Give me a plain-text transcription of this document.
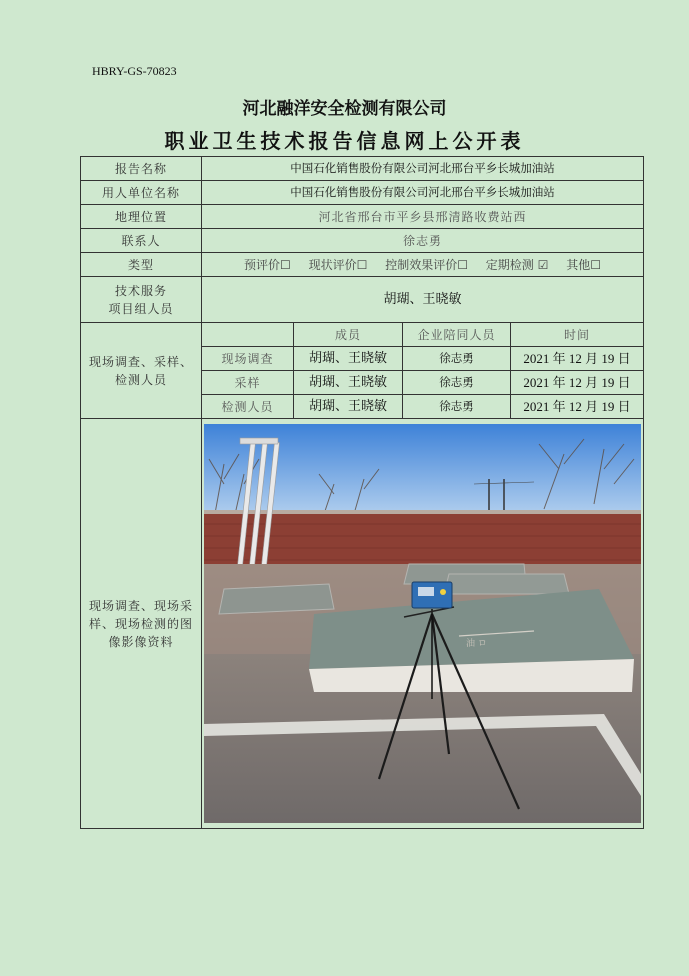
HBRY-GS-70823
河北融洋安全检测有限公司
职业卫生技术报告信息网上公开表
报告名称	中国石化销售股份有限公司河北邢台平乡长城加油站			
用人单位名称	中国石化销售股份有限公司河北邢台平乡长城加油站			
地理位置	河北省邢台市平乡县邢清路收费站西			
联系人	徐志勇			
类型	预评价☐ 现状评价☐ 控制效果评价☐ 定期检测 ☑ 其他☐			

技术服务
项目组人员	胡瑚、王晓敏			

现场调查、采样、
检测人员		成员	企业陪同人员	时间
	现场调查	胡瑚、王晓敏	徐志勇	2021 年 12 月 19 日
	采样	胡瑚、王晓敏	徐志勇	2021 年 12 月 19 日
	检测人员	胡瑚、王晓敏	徐志勇	2021 年 12 月 19 日

现场调查、现场采
样、现场检测的图
像影像资料	油 ロ			
